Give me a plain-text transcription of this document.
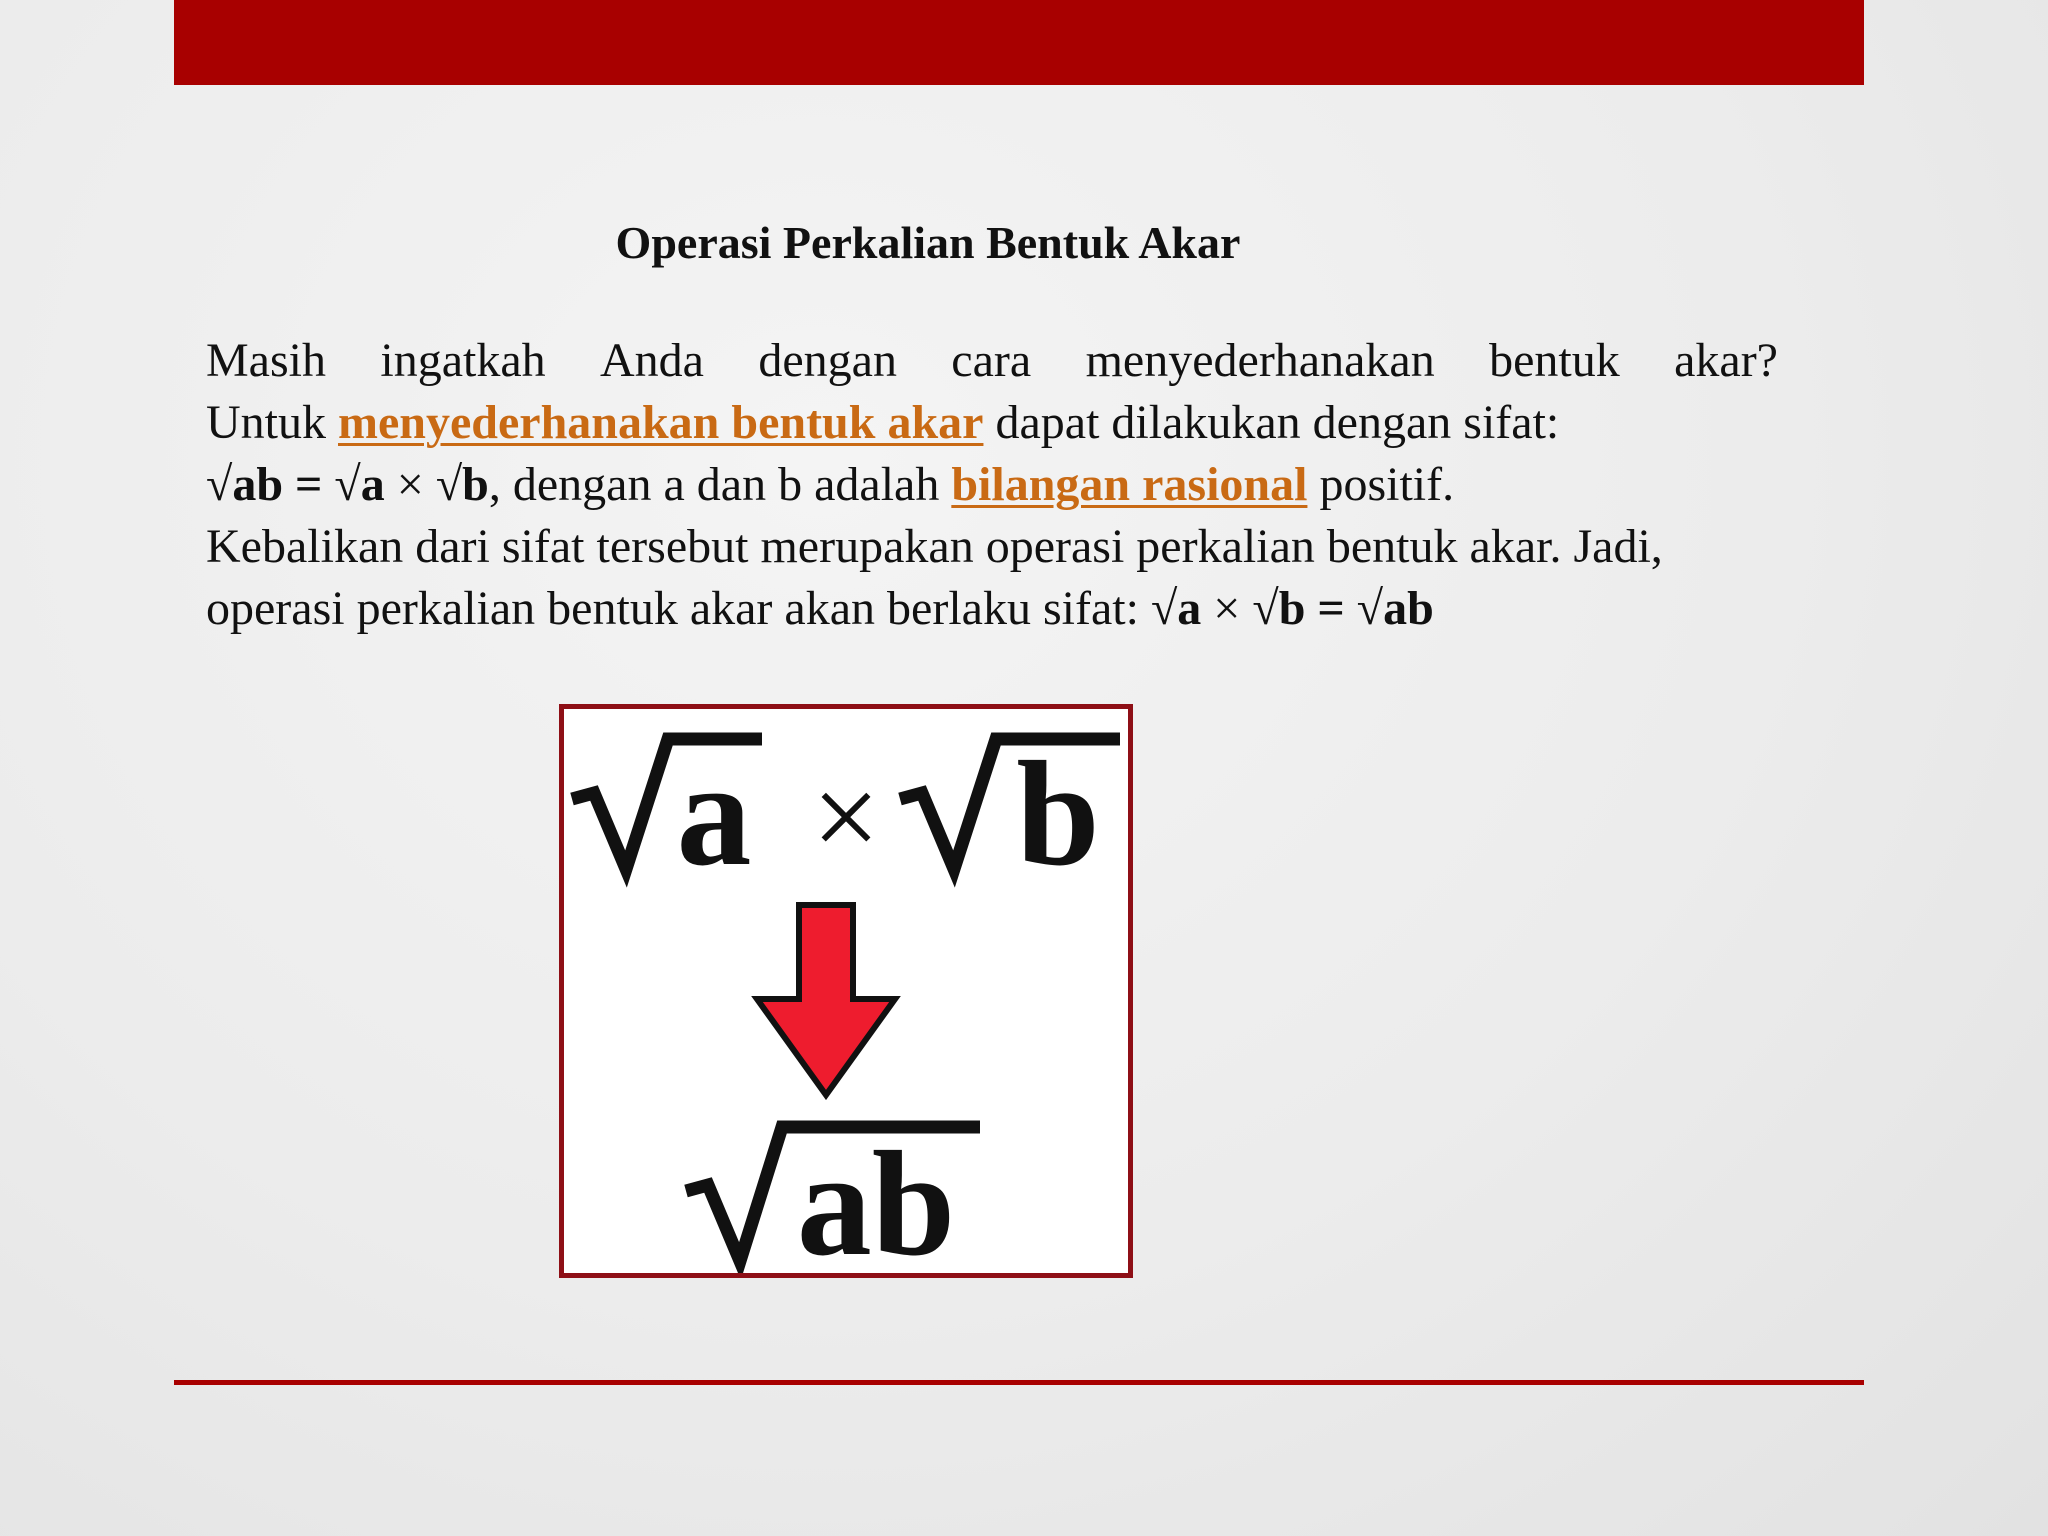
Operasi Perkalian Bentuk Akar
Masih ingatkah Anda dengan cara menyederhanakan bentuk akar?
Untuk menyederhanakan bentuk akar dapat dilakukan dengan sifat:
√ab = √a × √b, dengan a dan b adalah bilangan rasional positif.
Kebalikan dari sifat tersebut merupakan operasi perkalian bentuk akar. Jadi,
operasi perkalian bentuk akar akan berlaku sifat: √a × √b = √ab
a × b
ab
